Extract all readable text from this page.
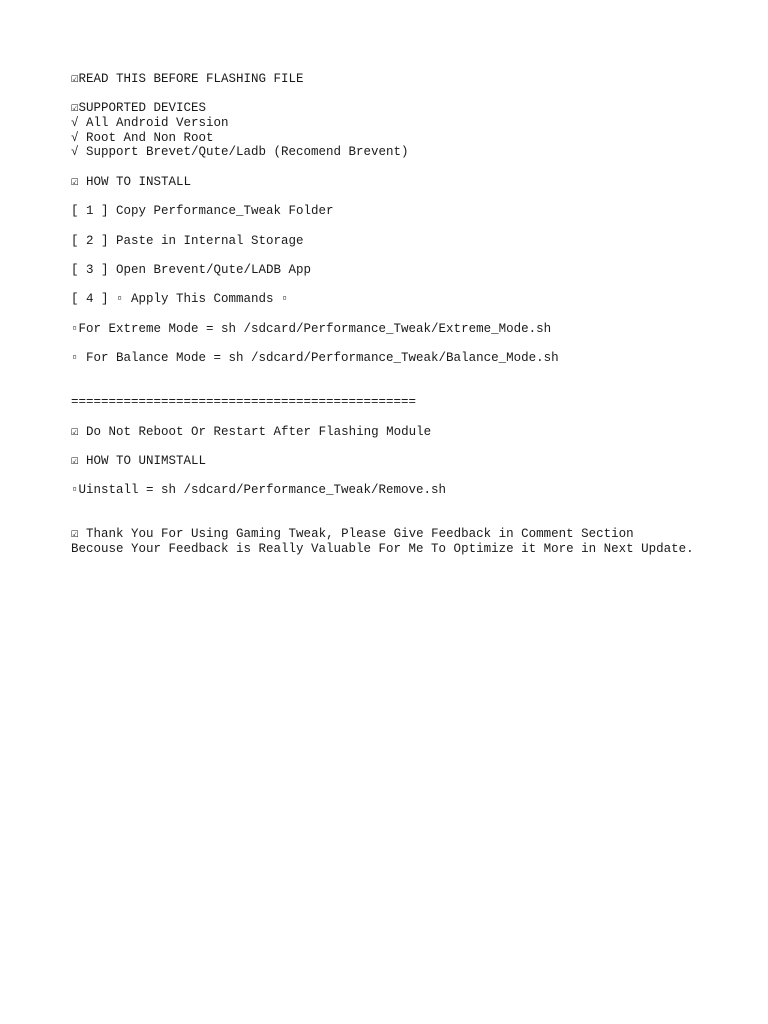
☑READ THIS BEFORE FLASHING FILE
☑SUPPORTED DEVICES
√ All Android Version
√ Root And Non Root
√ Support Brevet/Qute/Ladb (Recomend Brevent)
☑ HOW TO INSTALL
[ 1 ] Copy Performance_Tweak Folder
[ 2 ] Paste in Internal Storage
[ 3 ] Open Brevent/Qute/LADB App
[ 4 ] ▫ Apply This Commands ▫
▫For Extreme Mode = sh /sdcard/Performance_Tweak/Extreme_Mode.sh
▫ For Balance Mode = sh /sdcard/Performance_Tweak/Balance_Mode.sh
==============================================
☑ Do Not Reboot Or Restart After Flashing Module
☑ HOW TO UNIMSTALL
▫Uinstall = sh /sdcard/Performance_Tweak/Remove.sh
☑ Thank You For Using Gaming Tweak, Please Give Feedback in Comment Section
Becouse Your Feedback is Really Valuable For Me To Optimize it More in Next Update.
